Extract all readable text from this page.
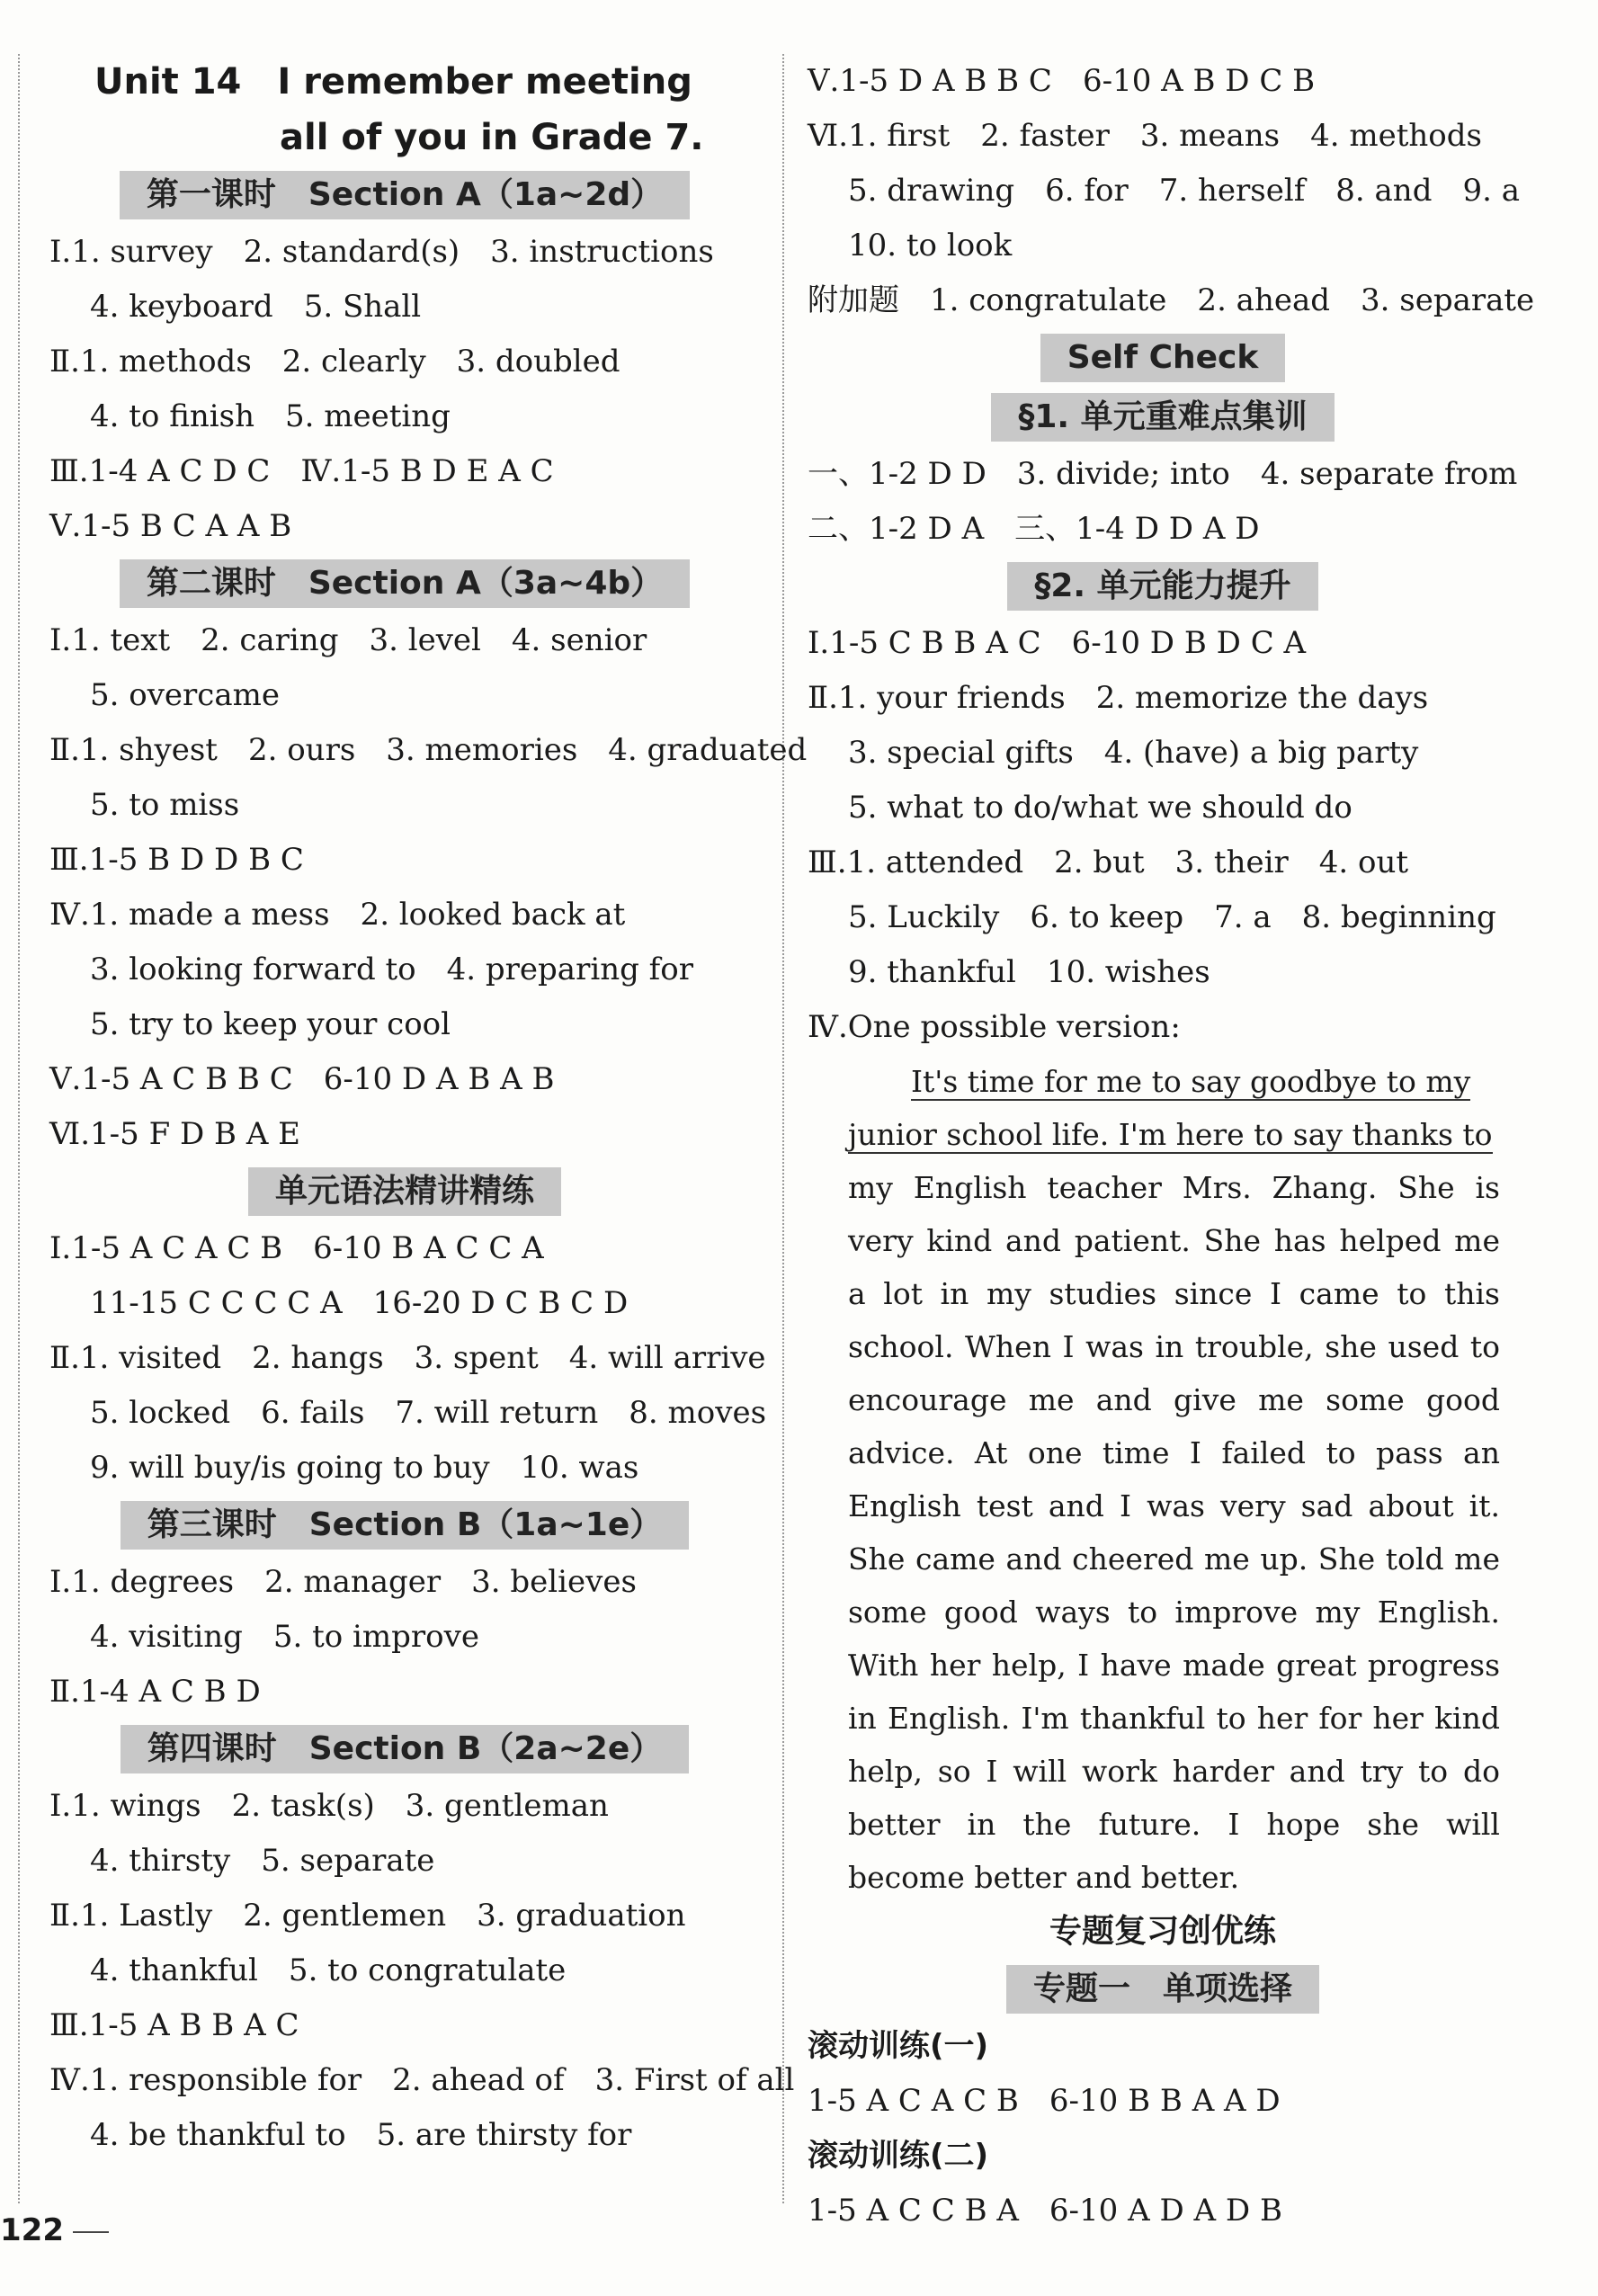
Unit 14 I remember meeting
all of you in Grade 7.
第一课时　Section A（1a~2d）
Ⅰ.1. survey　2. standard(s)　3. instructions
4. keyboard　5. Shall
Ⅱ.1. methods　2. clearly　3. doubled
4. to finish　5. meeting
Ⅲ.1-4 A C D C　Ⅳ.1-5 B D E A C
Ⅴ.1-5 B C A A B
第二课时　Section A（3a~4b）
Ⅰ.1. text　2. caring　3. level　4. senior
5. overcame
Ⅱ.1. shyest　2. ours　3. memories　4. graduated
5. to miss
Ⅲ.1-5 B D D B C
Ⅳ.1. made a mess　2. looked back at
3. looking forward to　4. preparing for
5. try to keep your cool
Ⅴ.1-5 A C B B C　6-10 D A B A B
Ⅵ.1-5 F D B A E
单元语法精讲精练
Ⅰ.1-5 A C A C B　6-10 B A C C A
11-15 C C C C A　16-20 D C B C D
Ⅱ.1. visited　2. hangs　3. spent　4. will arrive
5. locked　6. fails　7. will return　8. moves
9. will buy/is going to buy　10. was
第三课时　Section B（1a~1e）
Ⅰ.1. degrees　2. manager　3. believes
4. visiting　5. to improve
Ⅱ.1-4 A C B D
第四课时　Section B（2a~2e）
Ⅰ.1. wings　2. task(s)　3. gentleman
4. thirsty　5. separate
Ⅱ.1. Lastly　2. gentlemen　3. graduation
4. thankful　5. to congratulate
Ⅲ.1-5 A B B A C
Ⅳ.1. responsible for　2. ahead of　3. First of all
4. be thankful to　5. are thirsty for
Ⅴ.1-5 D A B B C　6-10 A B D C B
Ⅵ.1. first　2. faster　3. means　4. methods
5. drawing　6. for　7. herself　8. and　9. a
10. to look
附加题　1. congratulate　2. ahead　3. separate
Self Check
§1. 单元重难点集训
一、1-2 D D　3. divide; into　4. separate from
二、1-2 D A　三、1-4 D D A D
§2. 单元能力提升
Ⅰ.1-5 C B B A C　6-10 D B D C A
Ⅱ.1. your friends　2. memorize the days
3. special gifts　4. (have) a big party
5. what to do/what we should do
Ⅲ.1. attended　2. but　3. their　4. out
5. Luckily　6. to keep　7. a　8. beginning
9. thankful　10. wishes
Ⅳ.One possible version:
It's time for me to say goodbye to my
junior school life. I'm here to say thanks to
my English teacher Mrs. Zhang. She is very kind and patient. She has helped me a lot in my studies since I came to this school. When I was in trouble, she used to encourage me and give me some good advice. At one time I failed to pass an English test and I was very sad about it. She came and cheered me up. She told me some good ways to improve my English. With her help, I have made great progress in English. I'm thankful to her for her kind help, so I will work harder and try to do better in the future. I hope she will become better and better.
专题复习创优练
专题一　单项选择
滚动训练(一)
1-5 A C A C B　6-10 B B A A D
滚动训练(二)
1-5 A C C B A　6-10 A D A D B
122
